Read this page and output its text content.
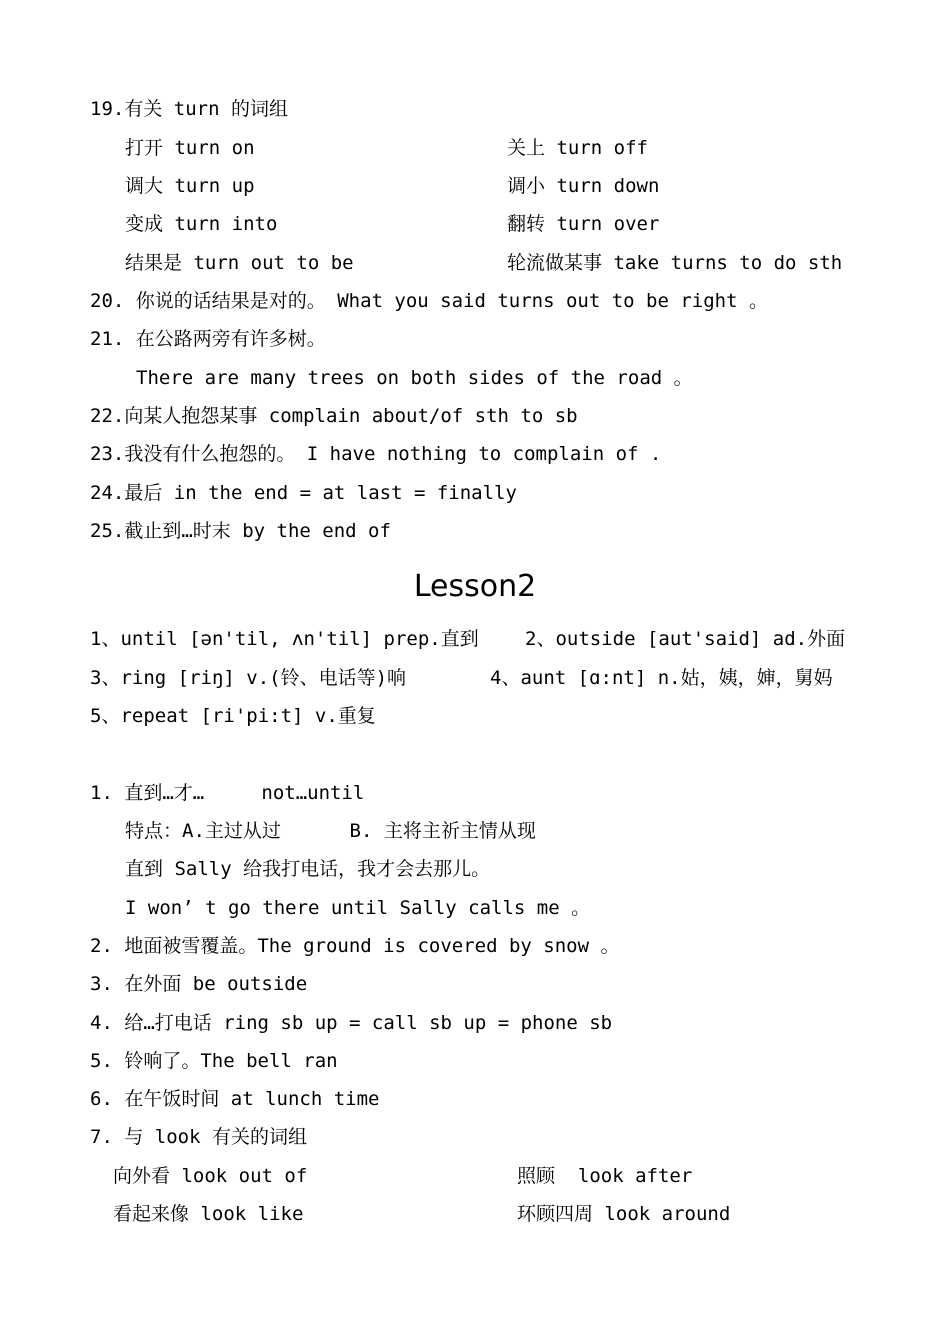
19.有关 turn 的词组
打开 turn on	关上 turn off
调大 turn up	调小 turn down
变成 turn into	翻转 turn over
结果是 turn out to be	轮流做某事 take turns to do sth
20. 你说的话结果是对的。 What you said turns out to be right 。
21. 在公路两旁有许多树。
There are many trees on both sides of the road 。
22.向某人抱怨某事 complain about/of sth to sb
23.我没有什么抱怨的。 I have nothing to complain of .
24.最后 in the end = at last = finally
25.截止到…时末 by the end of
Lesson2
1、until [ən'til, ʌn'til] prep.直到 2、outside [aut'said] ad.外面
3、ring [riŋ] v.(铃、电话等)响	4、aunt [ɑ:nt] n.姑，姨，婶，舅妈
5、repeat [ri'pi:t] v.重复
1. 直到…才…     not…until
特点：A.主过从过      B. 主将主祈主情从现
直到 Sally 给我打电话，我才会去那儿。
I won’ t go there until Sally calls me 。
2. 地面被雪覆盖。The ground is covered by snow 。
3. 在外面 be outside
4. 给…打电话 ring sb up = call sb up = phone sb
5. 铃响了。The bell ran
6. 在午饭时间 at lunch time
7. 与 look 有关的词组
向外看 look out of	照顾  look after
看起来像 look like	环顾四周 look around
